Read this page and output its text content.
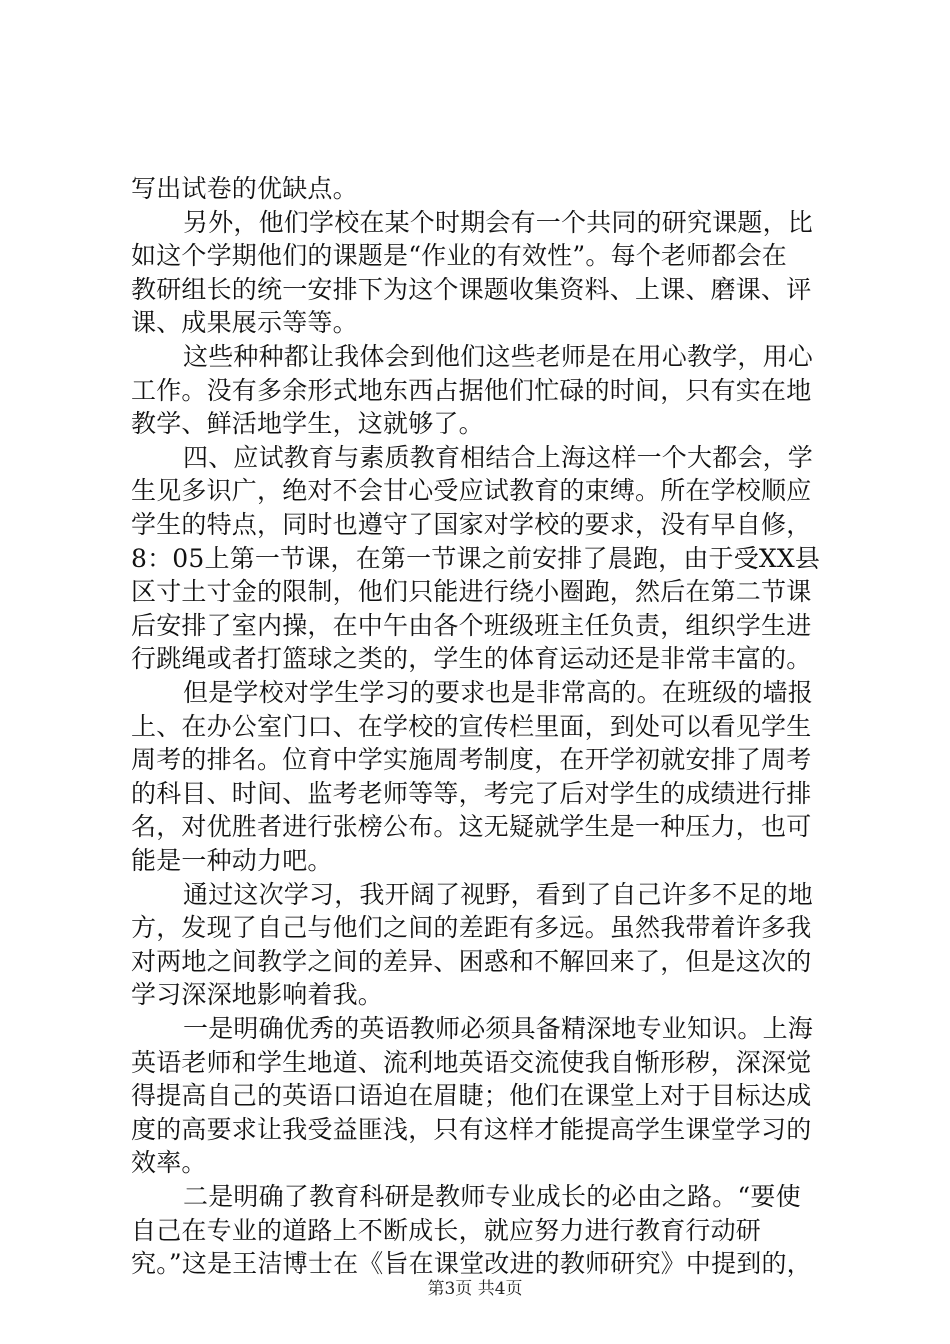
写出试卷的优缺点。
另外，他们学校在某个时期会有一个共同的研究课题，比
如这个学期他们的课题是“作业的有效性”。每个老师都会在
教研组长的统一安排下为这个课题收集资料、上课、磨课、评
课、成果展示等等。
这些种种都让我体会到他们这些老师是在用心教学，用心
工作。没有多余形式地东西占据他们忙碌的时间，只有实在地
教学、鲜活地学生，这就够了。
四、应试教育与素质教育相结合上海这样一个大都会，学
生见多识广，绝对不会甘心受应试教育的束缚。所在学校顺应
学生的特点，同时也遵守了国家对学校的要求，没有早自修，
8：05上第一节课，在第一节课之前安排了晨跑，由于受XX县
区寸土寸金的限制，他们只能进行绕小圈跑，然后在第二节课
后安排了室内操，在中午由各个班级班主任负责，组织学生进
行跳绳或者打篮球之类的，学生的体育运动还是非常丰富的。
但是学校对学生学习的要求也是非常高的。在班级的墙报
上、在办公室门口、在学校的宣传栏里面，到处可以看见学生
周考的排名。位育中学实施周考制度，在开学初就安排了周考
的科目、时间、监考老师等等，考完了后对学生的成绩进行排
名，对优胜者进行张榜公布。这无疑就学生是一种压力，也可
能是一种动力吧。
通过这次学习，我开阔了视野，看到了自己许多不足的地
方，发现了自己与他们之间的差距有多远。虽然我带着许多我
对两地之间教学之间的差异、困惑和不解回来了，但是这次的
学习深深地影响着我。
一是明确优秀的英语教师必须具备精深地专业知识。上海
英语老师和学生地道、流利地英语交流使我自惭形秽，深深觉
得提高自己的英语口语迫在眉睫；他们在课堂上对于目标达成
度的高要求让我受益匪浅，只有这样才能提高学生课堂学习的
效率。
二是明确了教育科研是教师专业成长的必由之路。“要使
自己在专业的道路上不断成长，就应努力进行教育行动研
究。”这是王洁博士在《旨在课堂改进的教师研究》中提到的，
第3页 共4页
